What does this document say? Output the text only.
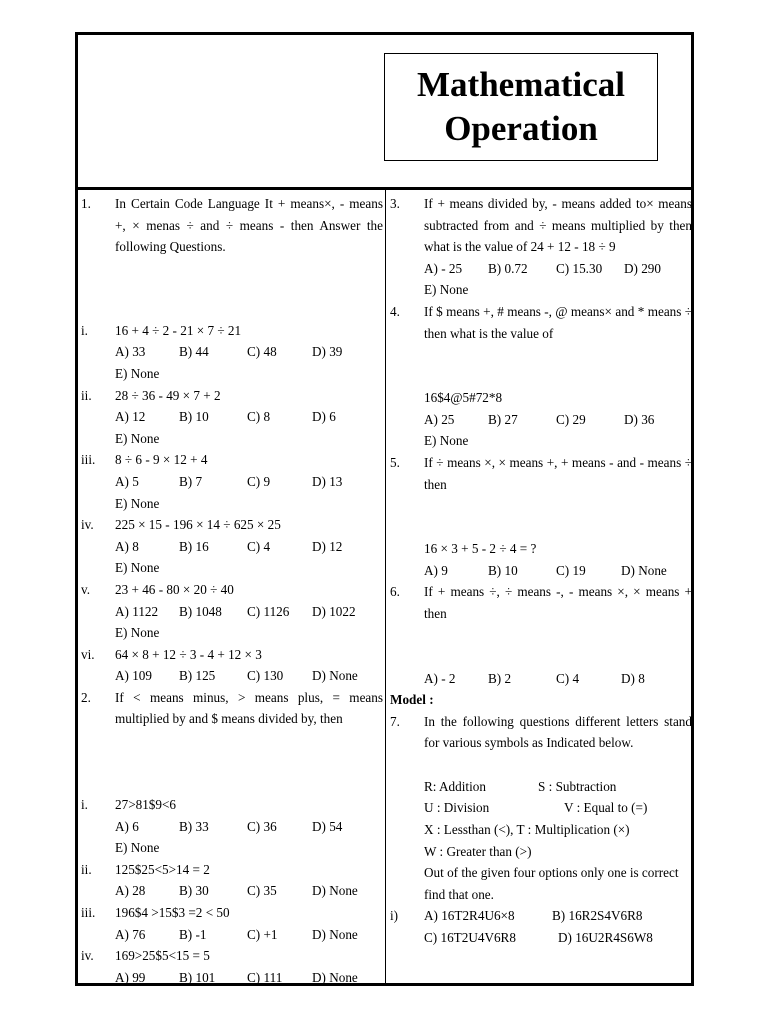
Mathematical
Operation
1.	In Certain Code Language It + means×, - means +, × menas ÷ and ÷ means - then Answer the following Questions.
i.	16 + 4 ÷ 2 - 21 × 7 ÷ 21
A) 33	B) 44	C) 48	D) 39
E) None
ii.	28 ÷ 36 - 49 × 7 + 2
A) 12	B) 10	C) 8	D) 6
E) None
iii.	8 ÷ 6 - 9 × 12 + 4
A) 5	B) 7	C) 9	D) 13
E) None
iv.	225 × 15 - 196 × 14 ÷ 625 × 25
A) 8	B) 16	C) 4	D) 12
E) None
v.	23 + 46 - 80 × 20 ÷ 40
A) 1122 B) 1048 C) 1126 D) 1022
E) None
vi.	64 × 8 + 12 ÷ 3 - 4 + 12 × 3
A) 109 B) 125 C) 130 D) None
2.	If < means minus, > means plus, = means multiplied by and $ means divided by, then
i.	27>81$9<6
A) 6	B) 33	C) 36	D) 54
E) None
ii.	125$25<5>14 = 2
A) 28	B) 30	C) 35	D) None
iii.	196$4 >15$3 =2 < 50
A) 76	B) -1	C) +1	D) None
iv.	169>25$5<15 = 5
A) 99	B) 101 C) 111 D) None
3.	If + means divided by, - means added to× means subtracted from and ÷ means multiplied by then what is the value of 24 + 12 - 18 ÷ 9
A) - 25 B) 0.72 C) 15.30 D) 290
E) None
4.	If $ means +, # means -, @ means× and * means ÷ then what is the value of
16$4@5#72*8
A) 25	B) 27	C) 29	D) 36
E) None
5.	If ÷ means ×, × means +, + means - and - means ÷ then
16 × 3 + 5 - 2 ÷ 4 = ?
A) 9	B) 10	C) 19	D) None
6.	If + means ÷, ÷ means -, - means ×, × means + then
A) - 2 B) 2	C) 4	D) 8
Model :
7.	In the following questions different letters stand for various symbols as Indicated below.
R: Addition	S : Subtraction
U : Division	V : Equal to (=)
X : Lessthan (<), T : Multiplication (×)
W : Greater than (>)
Out of the given four options only one is correct find that one.
i)	A) 16T2R4U6×8	B) 16R2S4V6R8
C) 16T2U4V6R8	D) 16U2R4S6W8
